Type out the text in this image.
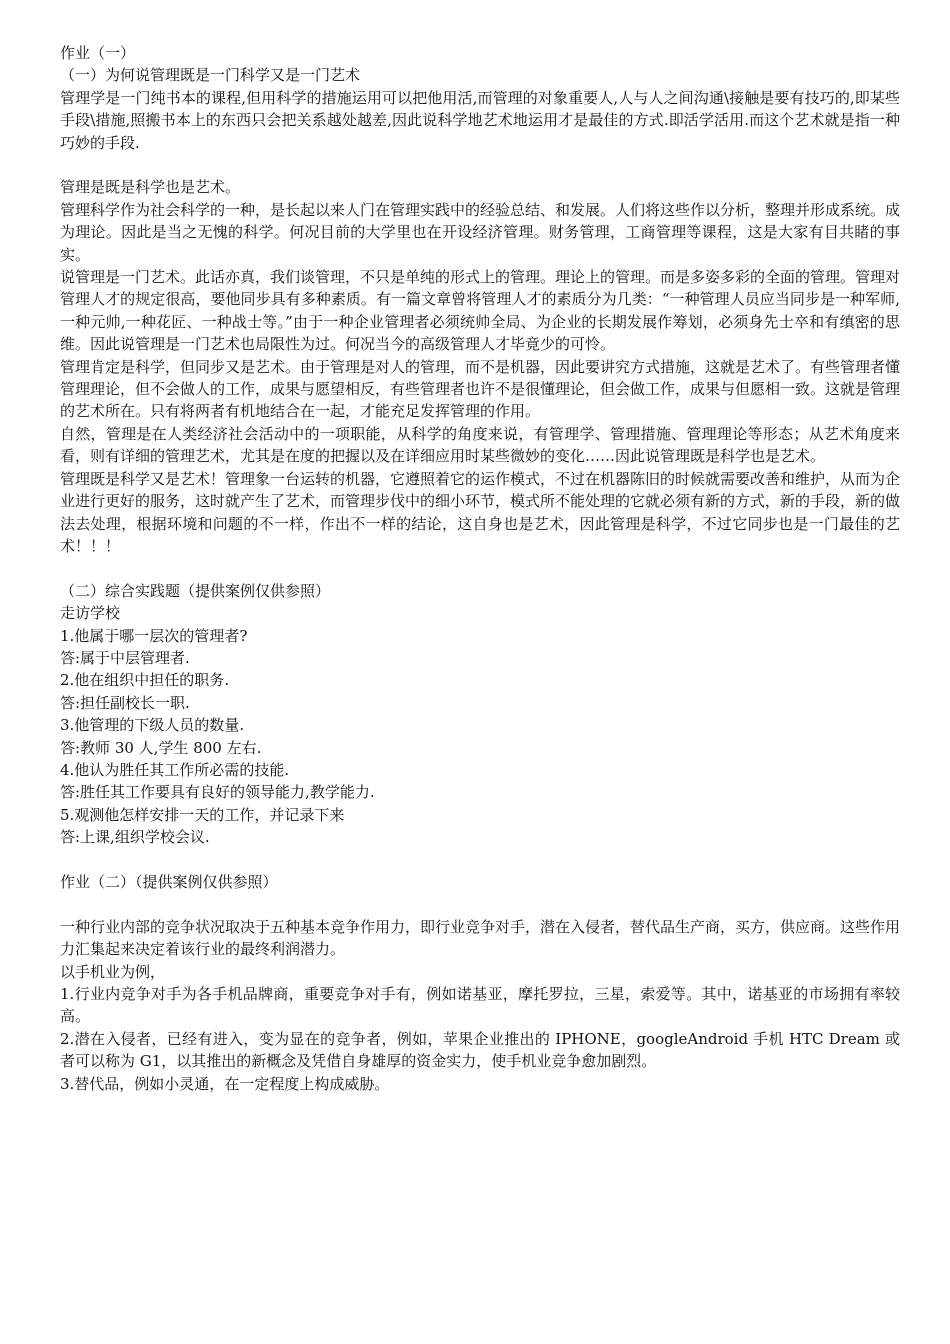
作业（一）

（一）为何说管理既是一门科学又是一门艺术

管理学是一门纯书本的课程,但用科学的措施运用可以把他用活,而管理的对象重要人,人与人之间沟通\接触是要有技巧的,即某些手段\措施,照搬书本上的东西只会把关系越处越差,因此说科学地艺术地运用才是最佳的方式.即活学活用.而这个艺术就是指一种巧妙的手段.

管理是既是科学也是艺术。

管理科学作为社会科学的一种，是长起以来人门在管理实践中的经验总结、和发展。人们将这些作以分析，整理并形成系统。成为理论。因此是当之无愧的科学。何况目前的大学里也在开设经济管理。财务管理，工商管理等课程，这是大家有目共睹的事实。

说管理是一门艺术。此话亦真，我们谈管理，不只是单纯的形式上的管理。理论上的管理。而是多姿多彩的全面的管理。管理对管理人才的规定很高，要他同步具有多种素质。有一篇文章曾将管理人才的素质分为几类：“一种管理人员应当同步是一种军师,一种元帅,一种花匠、一种战士等。”由于一种企业管理者必须统帅全局、为企业的长期发展作筹划，必须身先士卒和有缜密的思维。因此说管理是一门艺术也局限性为过。何况当今的高级管理人才毕竟少的可怜。

管理肯定是科学，但同步又是艺术。由于管理是对人的管理，而不是机器，因此要讲究方式措施，这就是艺术了。有些管理者懂管理理论，但不会做人的工作，成果与愿望相反，有些管理者也许不是很懂理论，但会做工作，成果与但愿相一致。这就是管理的艺术所在。只有将两者有机地结合在一起，才能充足发挥管理的作用。

自然，管理是在人类经济社会活动中的一项职能，从科学的角度来说，有管理学、管理措施、管理理论等形态；从艺术角度来看，则有详细的管理艺术，尤其是在度的把握以及在详细应用时某些微妙的变化……因此说管理既是科学也是艺术。

管理既是科学又是艺术！管理象一台运转的机器，它遵照着它的运作模式，不过在机器陈旧的时候就需要改善和维护，从而为企业进行更好的服务，这时就产生了艺术，而管理步伐中的细小环节，模式所不能处理的它就必须有新的方式，新的手段，新的做法去处理，根据环境和问题的不一样，作出不一样的结论，这自身也是艺术，因此管理是科学，不过它同步也是一门最佳的艺术！！！

（二）综合实践题（提供案例仅供参照）

走访学校

1.他属于哪一层次的管理者?

答:属于中层管理者.

2.他在组织中担任的职务.

答:担任副校长一职.

3.他管理的下级人员的数量.

答:教师 30 人,学生 800 左右.

4.他认为胜任其工作所必需的技能.

答:胜任其工作要具有良好的领导能力,教学能力.

5.观测他怎样安排一天的工作，并记录下来

答:上课,组织学校会议.

作业（二）（提供案例仅供参照）

一种行业内部的竞争状况取决于五种基本竞争作用力，即行业竞争对手，潜在入侵者，替代品生产商，买方，供应商。这些作用力汇集起来决定着该行业的最终利润潜力。

以手机业为例，

1.行业内竞争对手为各手机品牌商，重要竞争对手有，例如诺基亚，摩托罗拉，三星，索爱等。其中，诺基亚的市场拥有率较高。

2.潜在入侵者，已经有进入，变为显在的竞争者，例如，苹果企业推出的 IPHONE，googleAndroid 手机 HTC Dream 或者可以称为 G1，以其推出的新概念及凭借自身雄厚的资金实力，使手机业竞争愈加剧烈。

3.替代品，例如小灵通，在一定程度上构成威胁。
